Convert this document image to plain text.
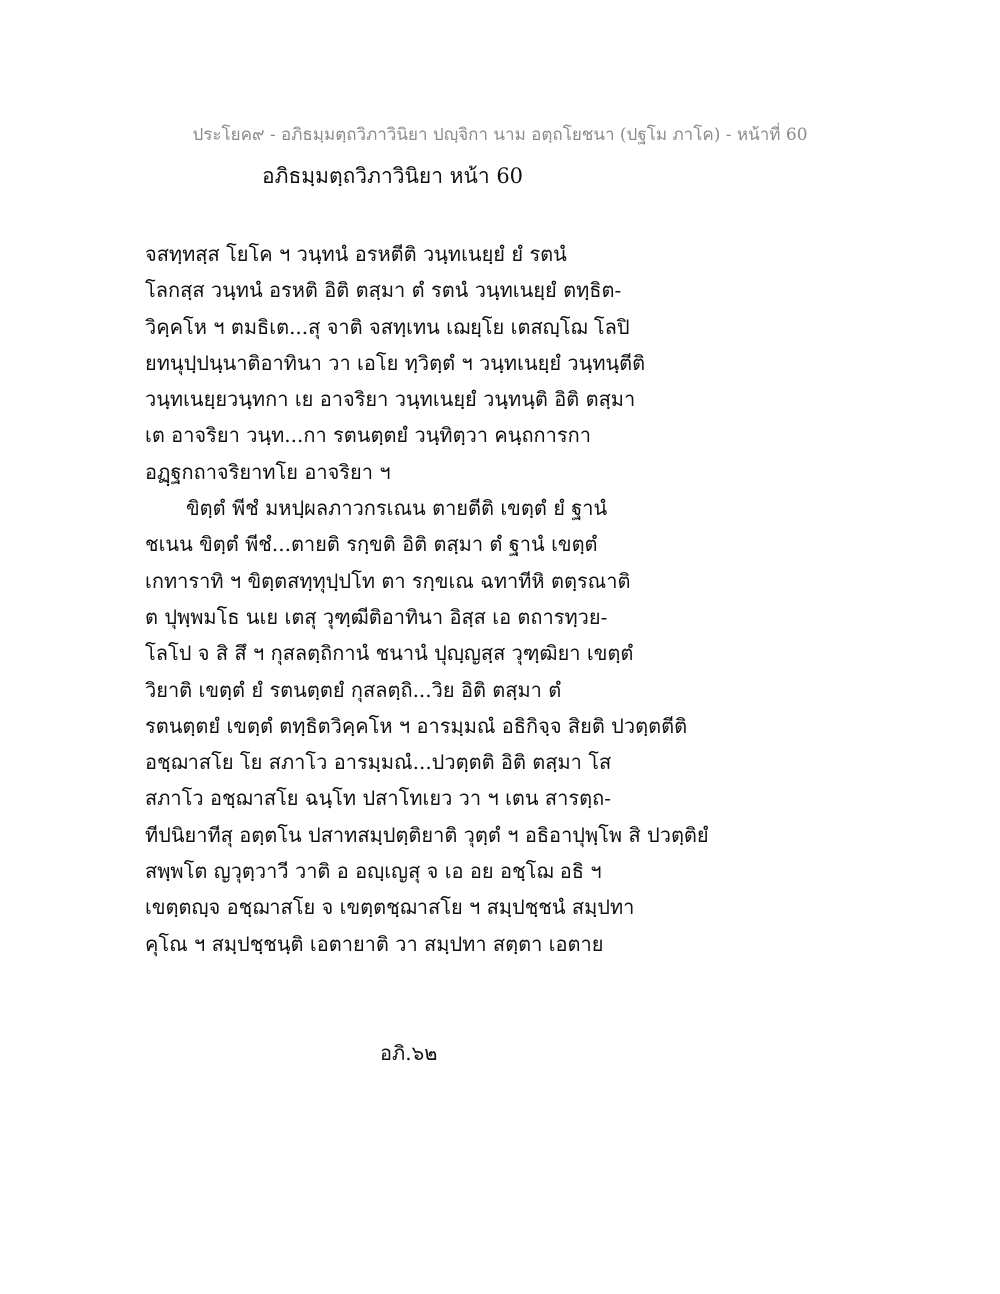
ประโยค๙ - อภิธมฺมตฺถวิภาวินิยา ปญฺจิกา นาม อตฺถโยชนา (ปฐโม ภาโค) - หน้าที่ 60
อภิธมฺมตฺถวิภาวินิยา หน้า 60
จสทฺทสฺส โยโค ฯ วนฺทนํ อรหตีติ วนฺทเนยฺยํ ยํ รตนํ
โลกสฺส วนฺทนํ อรหติ อิติ ตสฺมา ตํ รตนํ วนฺทเนยฺยํ ตทฺธิต-
วิคฺคโห ฯ ตมธิเต...สุ จาติ จสทฺเทน เฌยฺโย เตสญฺโฌ โลปิ
ยทนุปฺปนฺนาติอาทินา วา เอโย ทฺวิตฺตํ ฯ วนฺทเนยฺยํ วนฺทนฺตีติ
วนฺทเนยฺยวนฺทกา เย อาจริยา วนฺทเนยฺยํ วนฺทนฺติ อิติ ตสฺมา
เต อาจริยา วนฺท...กา รตนตฺตยํ วนฺทิตฺวา คนฺถการกา
อฏฺฐกถาจริยาทโย อาจริยา ฯ
ขิตฺตํ พีชํ มหปฺผลภาวกรเณน ตายตีติ เขตฺตํ ยํ ฐานํ
ชเนน ขิตฺตํ พีชํ...ตายติ รกฺขติ อิติ ตสฺมา ตํ ฐานํ เขตฺตํ
เกทาราทิ ฯ ขิตฺตสทฺทุปฺปโท ตา รกฺขเณ ฉทาทีหิ ตตฺรณาติ
ต ปุพฺพมโธ นเย เตสุ วุฑฺฒีติอาทินา อิสฺส เอ ตถารทฺวย-
โลโป จ สิ สึ ฯ กุสลตฺถิกานํ ชนานํ ปุญฺญสฺส วุฑฺฒิยา เขตฺตํ
วิยาติ เขตฺตํ ยํ รตนตฺตยํ กุสลตฺถิ...วิย อิติ ตสฺมา ตํ
รตนตฺตยํ เขตฺตํ ตทฺธิตวิคฺคโห ฯ อารมฺมณํ อธิกิจฺจ สิยติ ปวตฺตตีติ
อชฺฌาสโย โย สภาโว อารมฺมณํ...ปวตฺตติ อิติ ตสฺมา โส
สภาโว อชฺฌาสโย ฉนฺโท ปสาโทเยว วา ฯ เตน สารตฺถ-
ทีปนิยาทีสุ อตฺตโน ปสาทสมฺปตฺติยาติ วุตฺตํ ฯ อธิอาปุพฺโพ สิ ปวตฺติยํ
สพฺพโต ญวุตฺวาวี วาติ อ อญฺเญสุ จ เอ อย อชฺโฌ อธิ ฯ
เขตฺตญฺจ อชฺฌาสโย จ เขตฺตชฺฌาสโย ฯ สมฺปชฺชนํ สมฺปทา
คุโณ ฯ สมฺปชฺชนฺติ เอตายาติ วา สมฺปทา สตฺตา เอตาย
อภิ.๖๒
